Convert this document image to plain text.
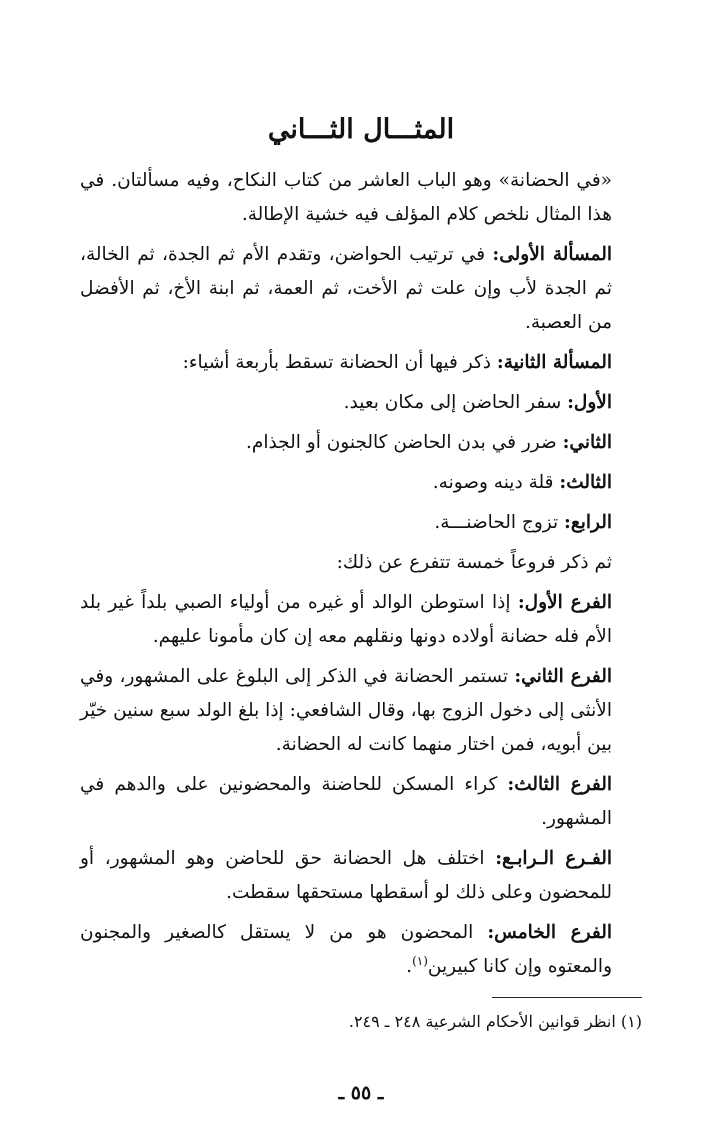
المثـــال الثـــاني

«في الحضانة» وهو الباب العاشر من كتاب النكاح، وفيه مسألتان. في هذا المثال نلخص كلام المؤلف فيه خشية الإطالة.

المسألة الأولى: في ترتيب الحواضن، وتقدم الأم ثم الجدة، ثم الخالة، ثم الجدة لأب وإن علت ثم الأخت، ثم العمة، ثم ابنة الأخ، ثم الأفضل من العصبة.

المسألة الثانية: ذكر فيها أن الحضانة تسقط بأربعة أشياء:

الأول: سفر الحاضن إلى مكان بعيد.

الثاني: ضرر في بدن الحاضن كالجنون أو الجذام.

الثالث: قلة دينه وصونه.

الرابع: تزوج الحاضنـــة.

ثم ذكر فروعاً خمسة تتفرع عن ذلك:

الفرع الأول: إذا استوطن الوالد أو غيره من أولياء الصبي بلداً غير بلد الأم فله حضانة أولاده دونها ونقلهم معه إن كان مأمونا عليهم.

الفرع الثاني: تستمر الحضانة في الذكر إلى البلوغ على المشهور، وفي الأنثى إلى دخول الزوج بها، وقال الشافعي: إذا بلغ الولد سبع سنين خيّر بين أبويه، فمن اختار منهما كانت له الحضانة.

الفرع الثالث: كراء المسكن للحاضنة والمحضونين على والدهم في المشهور.

الفـرع الـرابـع: اختلف هل الحضانة حق للحاضن وهو المشهور، أو للمحضون وعلى ذلك لو أسقطها مستحقها سقطت.

الفرع الخامس: المحضون هو من لا يستقل كالصغير والمجنون والمعتوه وإن كانا كبيرين$^{(١)}$.

(١) انظر قوانين الأحكام الشرعية ٢٤٨ ـ ٢٤٩.
ـ ٥٥ ـ
